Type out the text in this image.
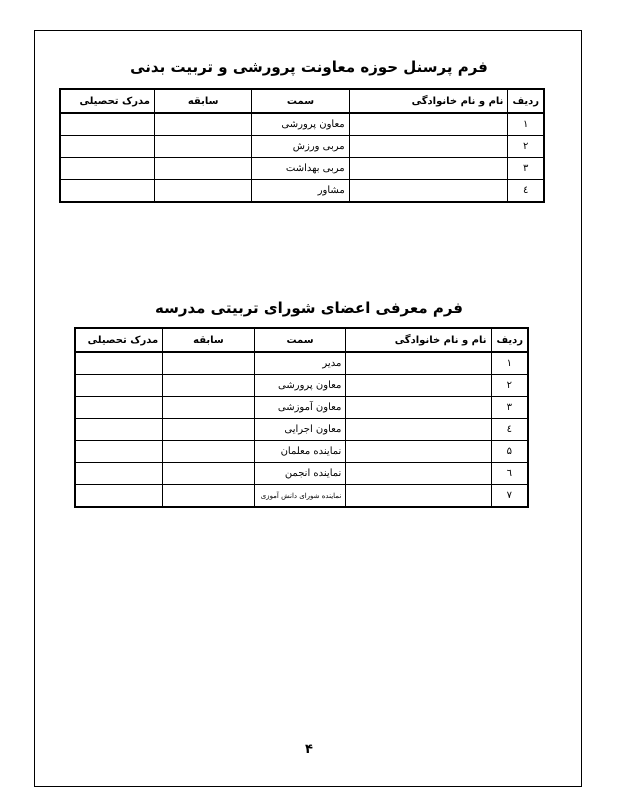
فرم پرسنل حوزه معاونت پرورشی و تربیت بدنی
ردیف	نام و نام خانوادگی	سمت	سابقه	مدرک تحصیلی
۱		معاون پرورشی		
۲		مربی ورزش		
۳		مربی بهداشت		
٤		مشاور		
فرم معرفی اعضای شورای تربیتی مدرسه
ردیف	نام و نام خانوادگی	سمت	سابقه	مدرک تحصیلی
۱		مدیر		
۲		معاون پرورشی		
۳		معاون آموزشی		
٤		معاون اجرایی		
۵		نماینده معلمان		
٦		نماینده انجمن		
۷		نماینده شورای دانش آموزی		
۴
